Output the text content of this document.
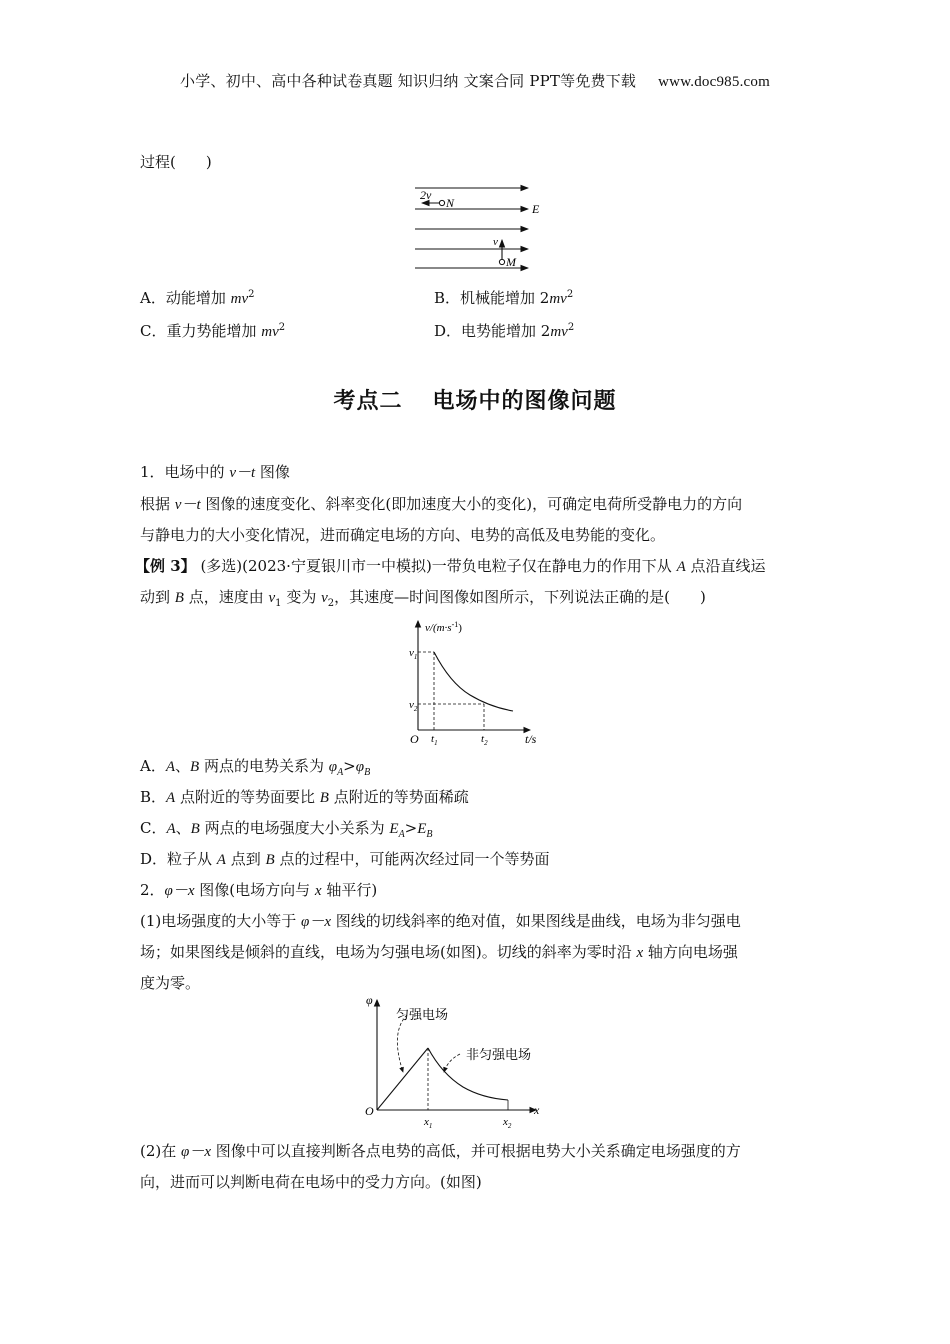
小学、初中、高中各种试卷真题 知识归纳 文案合同 PPT等免费下载 www.doc985.com
过程(　　)
2v
N	E
v
M
A．动能增加 $mv^2$	B．机械能增加 $2mv^2$
C．重力势能增加 $mv^2$	D．电势能增加 $2mv^2$
考点二 电场中的图像问题
1．电场中的 v－t 图像
根据 v－t 图像的速度变化、斜率变化(即加速度大小的变化)，可确定电荷所受静电力的方向
与静电力的大小变化情况，进而确定电场的方向、电势的高低及电势能的变化。
【例 3】 (多选)(2023·宁夏银川市一中模拟)一带负电粒子仅在静电力的作用下从 A 点沿直线运
动到 B 点，速度由 $v_1$ 变为 $v_2$，其速度—时间图像如图所示，下列说法正确的是(　　)
$v/(m\cdot s^{-1})$
$v_1$
$v_2$
O $t_1$	$t_2$	t/s
A．A、B 两点的电势关系为 $\varphi_A>\varphi_B$
B．A 点附近的等势面要比 B 点附近的等势面稀疏
C．A、B 两点的电场强度大小关系为 $E_A>E_B$
D．粒子从 A 点到 B 点的过程中，可能两次经过同一个等势面
2．φ－x 图像(电场方向与 x 轴平行)
(1)电场强度的大小等于 φ－x 图线的切线斜率的绝对值，如果图线是曲线，电场为非匀强电
场；如果图线是倾斜的直线，电场为匀强电场(如图)。切线的斜率为零时沿 x 轴方向电场强
度为零。
φ
匀强电场
非匀强电场
O
$x_1$	$x_2$
x
(2)在 φ－x 图像中可以直接判断各点电势的高低，并可根据电势大小关系确定电场强度的方
向，进而可以判断电荷在电场中的受力方向。(如图)
